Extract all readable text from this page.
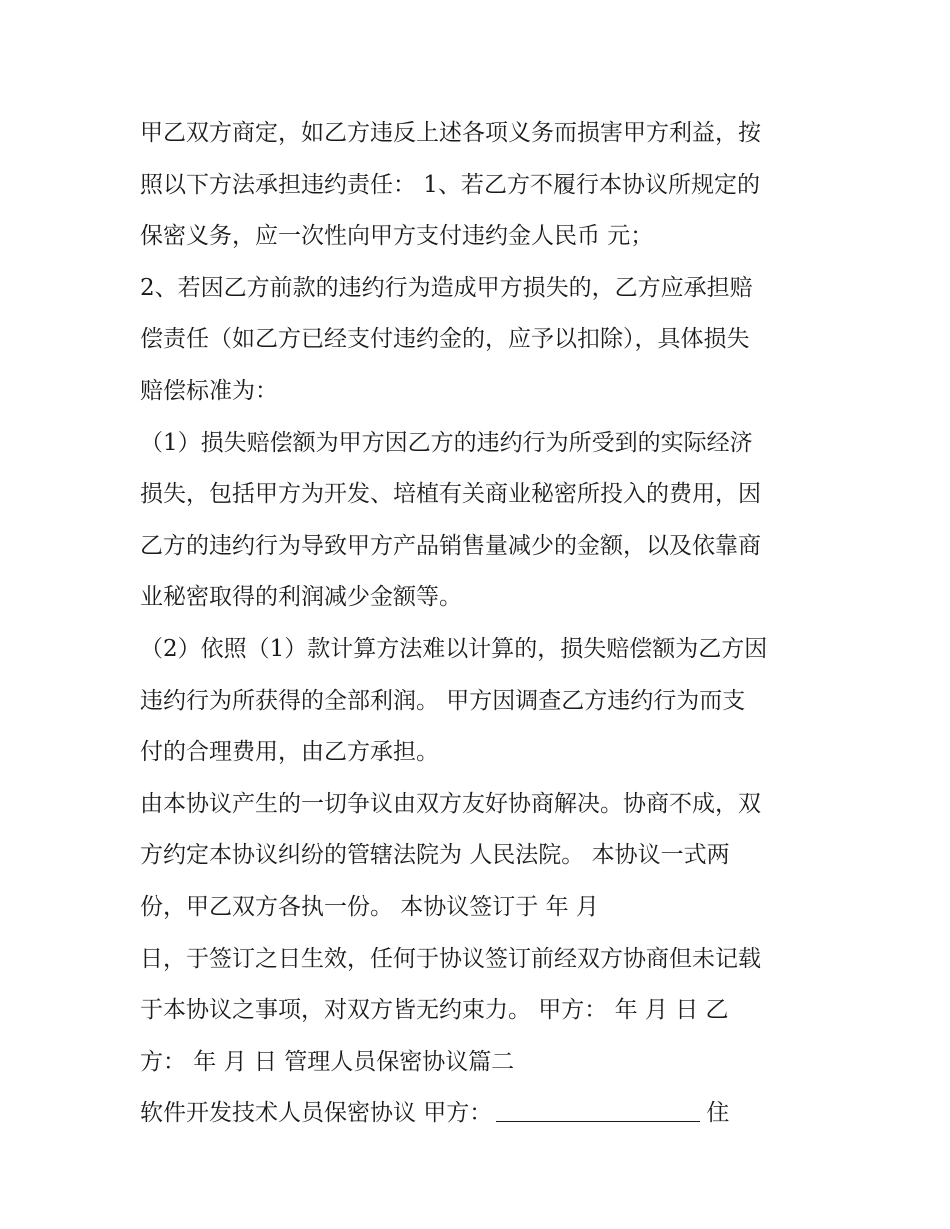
甲乙双方商定，如乙方违反上述各项义务而损害甲方利益，按
照以下方法承担违约责任： 1、若乙方不履行本协议所规定的
保密义务，应一次性向甲方支付违约金人民币 元；
2、若因乙方前款的违约行为造成甲方损失的，乙方应承担赔
偿责任（如乙方已经支付违约金的，应予以扣除），具体损失
赔偿标准为：
（1）损失赔偿额为甲方因乙方的违约行为所受到的实际经济
损失，包括甲方为开发、培植有关商业秘密所投入的费用，因
乙方的违约行为导致甲方产品销售量减少的金额，以及依靠商
业秘密取得的利润减少金额等。
（2）依照（1）款计算方法难以计算的，损失赔偿额为乙方因
违约行为所获得的全部利润。 甲方因调查乙方违约行为而支
付的合理费用，由乙方承担。
由本协议产生的一切争议由双方友好协商解决。协商不成，双
方约定本协议纠纷的管辖法院为 人民法院。 本协议一式两
份，甲乙双方各执一份。 本协议签订于 年 月
日，于签订之日生效，任何于协议签订前经双方协商但未记载
于本协议之事项，对双方皆无约束力。 甲方： 年 月 日 乙
方： 年 月 日 管理人员保密协议篇二
软件开发技术人员保密协议 甲方：	住
